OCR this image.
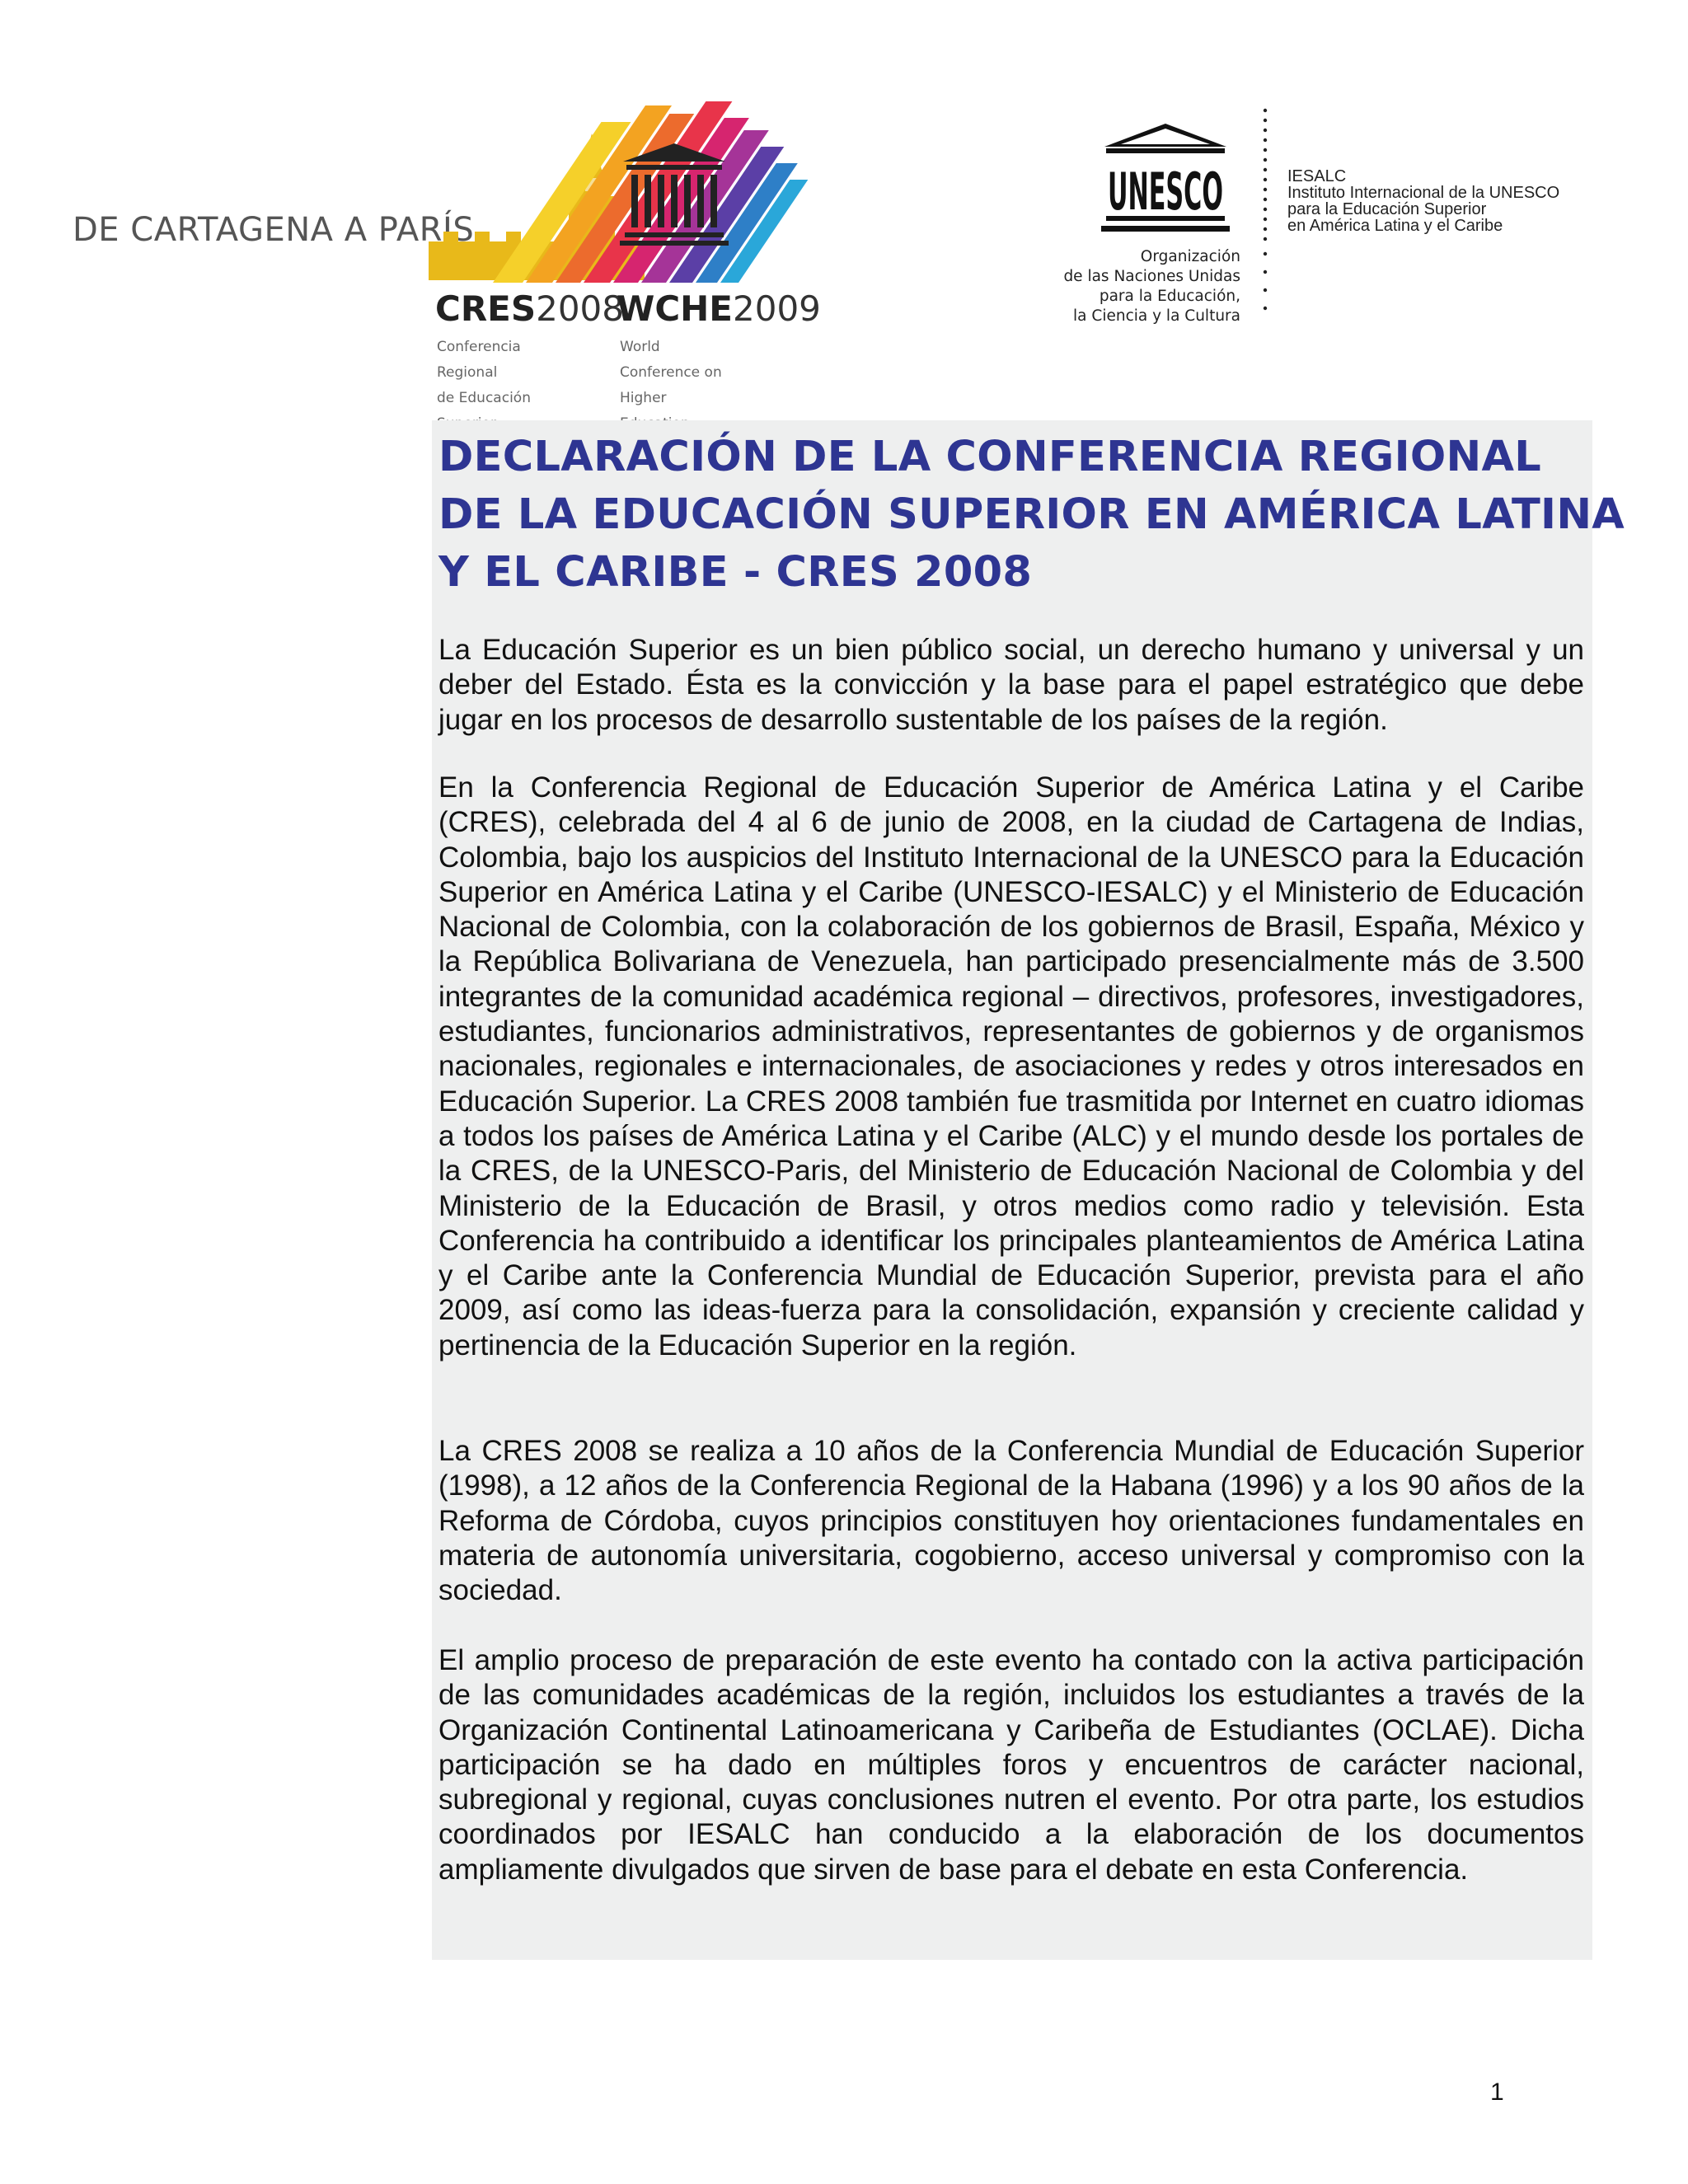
DE CARTAGENA A PARÍS
CRES2008
WCHE2009
Conferencia
Regional
de Educación
World
Conference on
Higher
UNESCO
Organización
de las Naciones Unidas
para la Educación,
la Ciencia y la Cultura
IESALC
Instituto Internacional de la UNESCO
para la Educación Superior
en América Latina y el Caribe
DECLARACIÓN DE LA CONFERENCIA REGIONAL
DE LA EDUCACIÓN SUPERIOR EN AMÉRICA LATINA
Y EL CARIBE - CRES 2008

La Educación Superior es un bien público social, un derecho humano y universal y un deber del Estado. Ésta es la convicción y la base para el papel estratégico que debe jugar en los procesos de desarrollo sustentable de los países de la región.

En la Conferencia Regional de Educación Superior de América Latina y el Caribe (CRES), celebrada del 4 al 6 de junio de 2008, en la ciudad de Cartagena de Indias, Colombia, bajo los auspicios del Instituto Internacional de la UNESCO para la Educación Superior en América Latina y el Caribe (UNESCO-IESALC) y el Ministerio de Educación Nacional de Colombia, con la colaboración de los gobiernos de Brasil, España, México y la República Bolivariana de Venezuela, han participado presencialmente más de 3.500 integrantes de la comunidad académica regional – directivos, profesores, investigadores, estudiantes, funcionarios administrativos, representantes de gobiernos y de organismos nacionales, regionales e internacionales, de asociaciones y redes y otros interesados en Educación Superior. La CRES 2008 también fue trasmitida por Internet en cuatro idiomas a todos los países de América Latina y el Caribe (ALC) y el mundo desde los portales de la CRES, de la UNESCO-Paris, del Ministerio de Educación Nacional de Colombia y del Ministerio de la Educación de Brasil, y otros medios como radio y televisión. Esta Conferencia ha contribuido a identificar los principales planteamientos de América Latina y el Caribe ante la Conferencia Mundial de Educación Superior, prevista para el año 2009, así como las ideas-fuerza para la consolidación, expansión y creciente calidad y pertinencia de la Educación Superior en la región.

La CRES 2008 se realiza a 10 años de la Conferencia Mundial de Educación Superior (1998), a 12 años de la Conferencia Regional de la Habana (1996) y a los 90 años de la Reforma de Córdoba, cuyos principios constituyen hoy orientaciones fundamentales en materia de autonomía universitaria, cogobierno, acceso universal y compromiso con la sociedad.

El amplio proceso de preparación de este evento ha contado con la activa participación de las comunidades académicas de la región, incluidos los estudiantes a través de la Organización Continental Latinoamericana y Caribeña de Estudiantes (OCLAE). Dicha participación se ha dado en múltiples foros y encuentros de carácter nacional, subregional y regional, cuyas conclusiones nutren el evento. Por otra parte, los estudios coordinados por IESALC han conducido a la elaboración de los documentos ampliamente divulgados que sirven de base para el debate en esta Conferencia.

1
